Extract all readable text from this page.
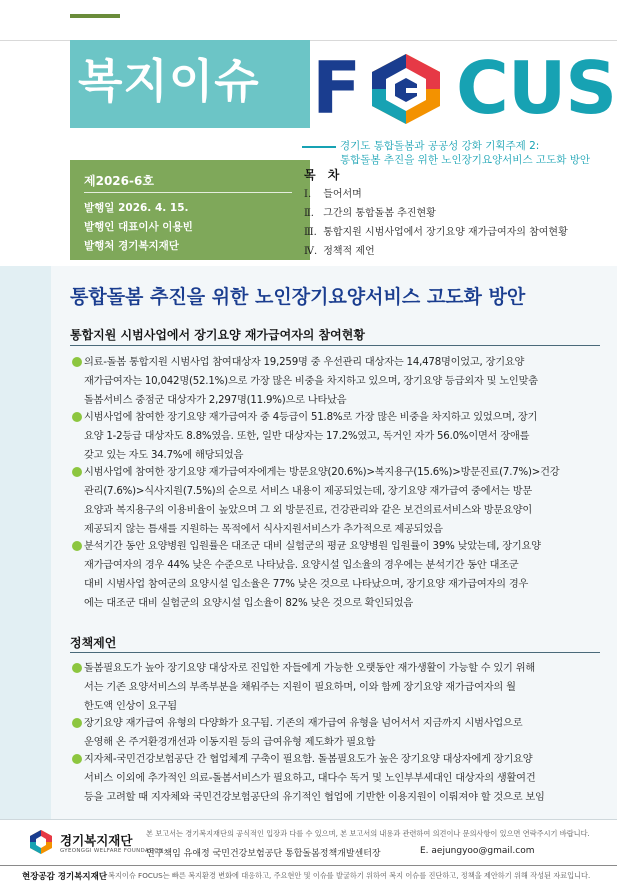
복지이슈 F CUS
제2026-6호
발행일 2026. 4. 15.
발행인 대표이사 이용빈
발행처 경기복지재단
경기도 통합돌봄과 공공성 강화 기획주제 2:
통합돌봄 추진을 위한 노인장기요양서비스 고도화 방안
목 차
Ⅰ. 들어서며
Ⅱ. 그간의 통합돌봄 추진현황
Ⅲ. 통합지원 시범사업에서 장기요양 재가급여자의 참여현황
Ⅳ. 정책적 제언
통합돌봄 추진을 위한 노인장기요양서비스 고도화 방안
통합지원 시범사업에서 장기요양 재가급여자의 참여현황
의료-돌봄 통합지원 시범사업 참여대상자 19,259명 중 우선관리 대상자는 14,478명이었고, 장기요양
재가급여자는 10,042명(52.1%)으로 가장 많은 비중을 차지하고 있으며, 장기요양 등급외자 및 노인맞춤
돌봄서비스 중점군 대상자가 2,297명(11.9%)으로 나타났음
시범사업에 참여한 장기요양 재가급여자 중 4등급이 51.8%로 가장 많은 비중을 차지하고 있었으며, 장기
요양 1-2등급 대상자도 8.8%였음. 또한, 일반 대상자는 17.2%였고, 독거인 자가 56.0%이면서 장애를
갖고 있는 자도 34.7%에 해당되었음
시범사업에 참여한 장기요양 재가급여자에게는 방문요양(20.6%)>복지용구(15.6%)>방문진료(7.7%)>건강
관리(7.6%)>식사지원(7.5%)의 순으로 서비스 내용이 제공되었는데, 장기요양 재가급여 중에서는 방문
요양과 복지용구의 이용비율이 높았으며 그 외 방문진료, 건강관리와 같은 보건의료서비스와 방문요양이
제공되지 않는 틈새를 지원하는 목적에서 식사지원서비스가 추가적으로 제공되었음
분석기간 동안 요양병원 입원률은 대조군 대비 실험군의 평균 요양병원 입원률이 39% 낮았는데, 장기요양
재가급여자의 경우 44% 낮은 수준으로 나타났음. 요양시설 입소율의 경우에는 분석기간 동안 대조군
대비 시범사업 참여군의 요양시설 입소율은 77% 낮은 것으로 나타났으며, 장기요양 재가급여자의 경우
에는 대조군 대비 실험군의 요양시설 입소율이 82% 낮은 것으로 확인되었음
정책제언
돌봄필요도가 높아 장기요양 대상자로 진입한 자들에게 가능한 오랫동안 재가생활이 가능할 수 있기 위해
서는 기존 요양서비스의 부족부분을 채워주는 지원이 필요하며, 이와 함께 장기요양 재가급여자의 월
한도액 인상이 요구됨
장기요양 재가급여 유형의 다양화가 요구됨. 기존의 재가급여 유형을 넘어서서 지금까지 시범사업으로
운영해 온 주거환경개선과 이동지원 등의 급여유형 제도화가 필요함
지자체-국민건강보험공단 간 협업체계 구축이 필요함. 돌봄필요도가 높은 장기요양 대상자에게 장기요양
서비스 이외에 추가적인 의료-돌봄서비스가 필요하고, 대다수 독거 및 노인부부세대인 대상자의 생활여건
등을 고려할 때 지자체와 국민건강보험공단의 유기적인 협업에 기반한 이용지원이 이뤄져야 할 것으로 보임
경기복지재단
GYEONGGI WELFARE FOUNDATION
본 보고서는 경기복지재단의 공식적인 입장과 다를 수 있으며, 본 보고서의 내용과 관련하여 의견이나 문의사항이 있으면 연락주시기 바랍니다.
연구책임 유애정 국민건강보험공단 통합돌봄정책개발센터장	E. aejungyoo@gmail.com
현장공감 경기복지재단 복지이슈 FOCUS는 빠른 복지환경 변화에 대응하고, 주요현안 및 이슈를 발굴하기 위하여 복지 이슈를 진단하고, 정책을 제안하기 위해 작성된 자료입니다.
